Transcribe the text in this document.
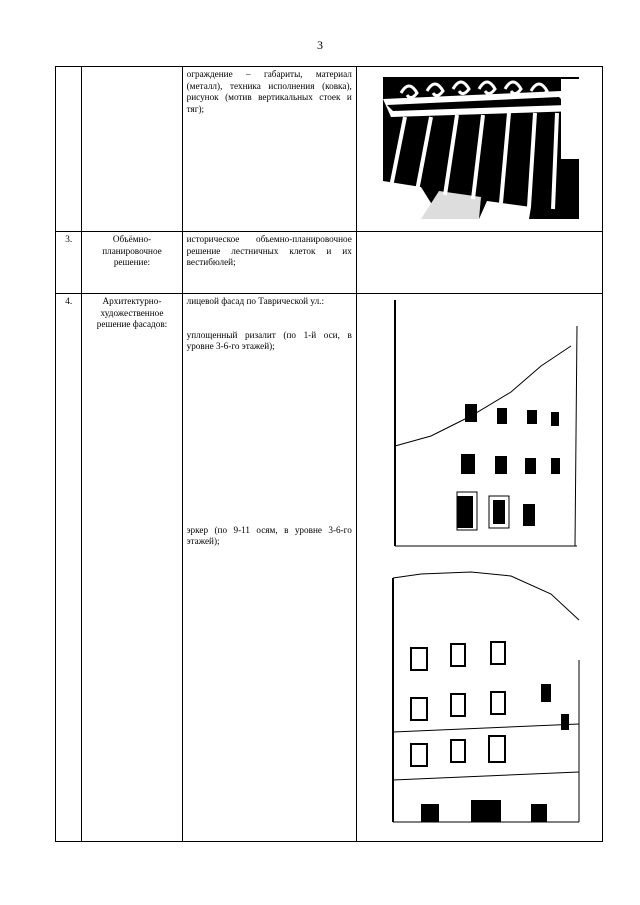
3

		ограждение – габариты, материал (металл), техника исполнения (ковка), рисунок (мотив вертикальных стоек и тяг);

3.	Объёмно-планировочное решение:	историческое объемно-планировочное решение лестничных клеток и их вестибюлей;	

4.	Архитектурно-художественное решение фасадов:	лицевой фасад по Таврической ул.:
уплощенный ризалит (по 1-й оси, в уровне 3-6-го этажей);
эркер (по 9-11 осям, в уровне 3-6-го этажей);
